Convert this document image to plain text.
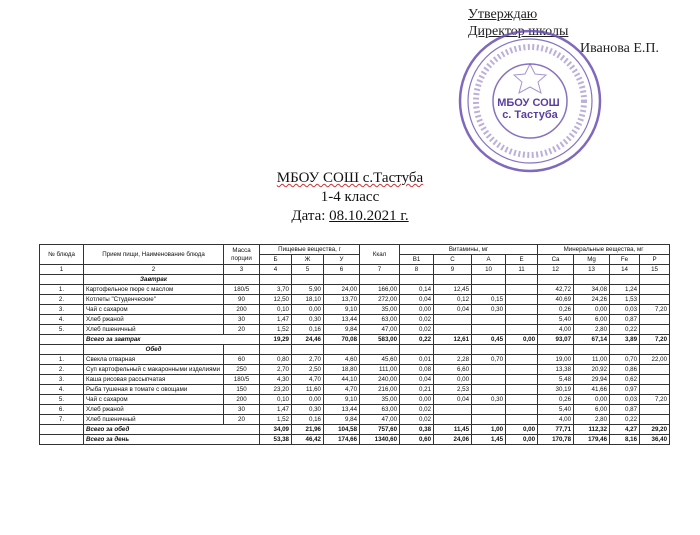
Утверждаю
Директор школы
Иванова Е.П.
МБОУ СОШ с. Тастуба
МБОУ СОШ с.Тастуба
1-4 класс
Дата: 08.10.2021 г.
№ блюда	Прием пищи, Наименование блюда	Масса порции	Пищевые вещества, г			Ккал	Витамины, мг				Минеральные вещества, мг			
			Б	Ж	У		В1	С	А	Е	Ca	Mg	Fe	P
1	2	3	4	5	6	7	8	9	10	11	12	13	14	15
	Завтрак													
1.	Картофельное пюре с маслом	180/5	3,70	5,90	24,00	166,00	0,14	12,45			42,72	34,08	1,24	
2.	Котлеты "Студенческие"	90	12,50	18,10	13,70	272,00	0,04	0,12	0,15		40,69	24,26	1,53	
3.	Чай с сахаром	200	0,10	0,00	9,10	35,00	0,00	0,04	0,30		0,26	0,00	0,03	7,20
4.	Хлеб ржаной	30	1,47	0,30	13,44	63,00	0,02				5,40	6,00	0,87	
5.	Хлеб пшеничный	20	1,52	0,16	9,84	47,00	0,02				4,00	2,80	0,22	
	Всего за завтрак		19,29	24,46	70,08	583,00	0,22	12,61	0,45	0,00	93,07	67,14	3,89	7,20
	Обед													
1.	Свекла отварная	60	0,80	2,70	4,60	45,60	0,01	2,28	0,70		19,00	11,00	0,70	22,00
2.	Суп картофельный с макаронными изделиями	250	2,70	2,50	18,80	111,00	0,08	6,60			13,38	20,92	0,86	
3.	Каша рисовая рассыпчатая	180/5	4,30	4,70	44,10	240,00	0,04	0,00			5,48	29,94	0,62	
4.	Рыба тушеная в томате с овощами	150	23,20	11,60	4,70	216,00	0,21	2,53			30,19	41,66	0,97	
5.	Чай с сахаром	200	0,10	0,00	9,10	35,00	0,00	0,04	0,30		0,26	0,00	0,03	7,20
6.	Хлеб ржаной	30	1,47	0,30	13,44	63,00	0,02				5,40	6,00	0,87	
7.	Хлеб пшеничный	20	1,52	0,16	9,84	47,00	0,02				4,00	2,80	0,22	
	Всего за обед		34,09	21,96	104,58	757,60	0,38	11,45	1,00	0,00	77,71	112,32	4,27	29,20
	Всего за день		53,38	46,42	174,66	1340,60	0,60	24,06	1,45	0,00	170,78	179,46	8,16	36,40
